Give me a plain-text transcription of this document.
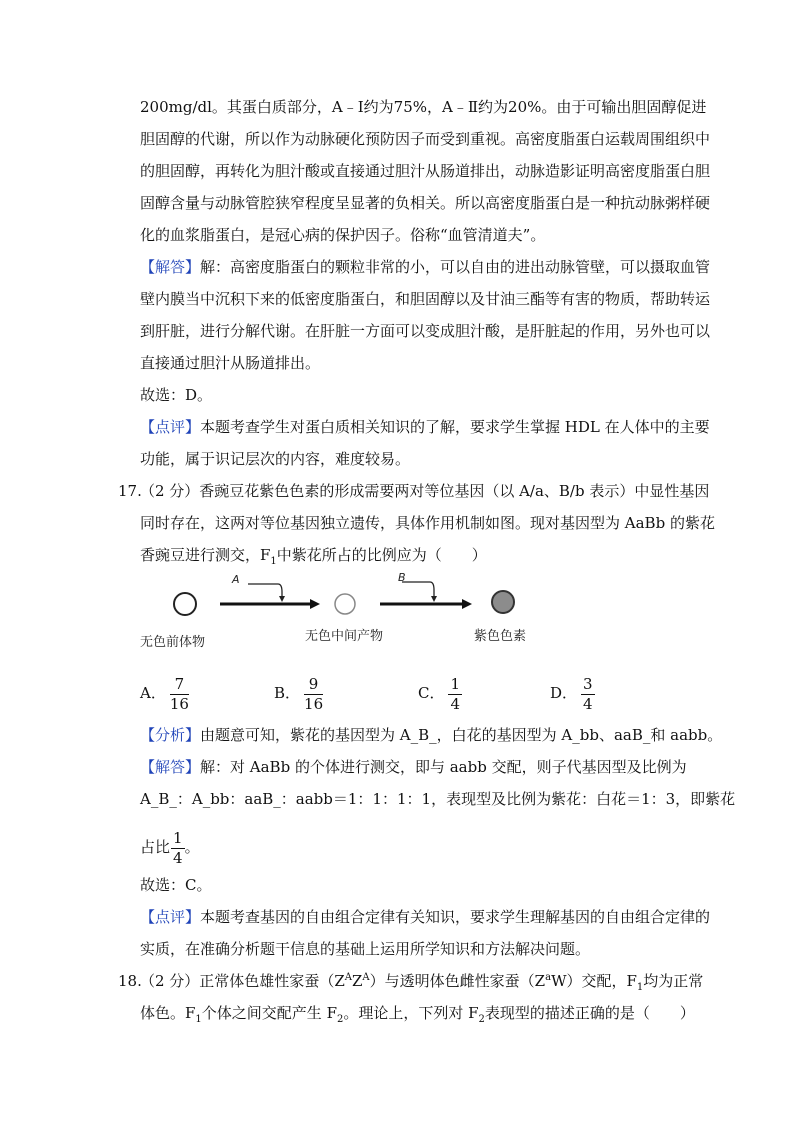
200mg/dl。其蛋白质部分，A﹣Ⅰ约为75%，A﹣Ⅱ约为20%。由于可输出胆固醇促进
胆固醇的代谢，所以作为动脉硬化预防因子而受到重视。高密度脂蛋白运载周围组织中
的胆固醇，再转化为胆汁酸或直接通过胆汁从肠道排出，动脉造影证明高密度脂蛋白胆
固醇含量与动脉管腔狭窄程度呈显著的负相关。所以高密度脂蛋白是一种抗动脉粥样硬
化的血浆脂蛋白，是冠心病的保护因子。俗称“血管清道夫”。
【解答】解：高密度脂蛋白的颗粒非常的小，可以自由的进出动脉管壁，可以摄取血管
壁内膜当中沉积下来的低密度脂蛋白，和胆固醇以及甘油三酯等有害的物质，帮助转运
到肝脏，进行分解代谢。在肝脏一方面可以变成胆汁酸，是肝脏起的作用，另外也可以
直接通过胆汁从肠道排出。
故选：D。
【点评】本题考查学生对蛋白质相关知识的了解，要求学生掌握 HDL 在人体中的主要
功能，属于识记层次的内容，难度较易。
17.
（2 分）香豌豆花紫色色素的形成需要两对等位基因（以 A/a、B/b 表示）中显性基因
同时存在，这两对等位基因独立遗传，具体作用机制如图。现对基因型为 AaBb 的紫花
香豌豆进行测交，$F_1$中紫花所占的比例应为（　　）
A	B
无色前体物	无色中间产物	紫色色素
A． $\frac{7}{16}$	B． $\frac{9}{16}$	C． $\frac{1}{4}$	D． $\frac{3}{4}$
【分析】由题意可知，紫花的基因型为 A_B_，白花的基因型为 A_bb、aaB_和 aabb。
【解答】解：对 AaBb 的个体进行测交，即与 aabb 交配，则子代基因型及比例为
A_B_：A_bb：aaB_：aabb＝1：1：1：1，表现型及比例为紫花：白花＝1：3，即紫花
占比 $\frac{1}{4}$ 。
故选：C。
【点评】本题考查基因的自由组合定律有关知识，要求学生理解基因的自由组合定律的
实质，在准确分析题干信息的基础上运用所学知识和方法解决问题。
18.
（2 分）正常体色雄性家蚕$(Z^AZ^A)$与透明体色雌性家蚕$(Z^aW)$交配，$F_1$均为正常
体色。$F_1$个体之间交配产生 $F_2$。理论上，下列对 $F_2$表现型的描述正确的是（　　）
